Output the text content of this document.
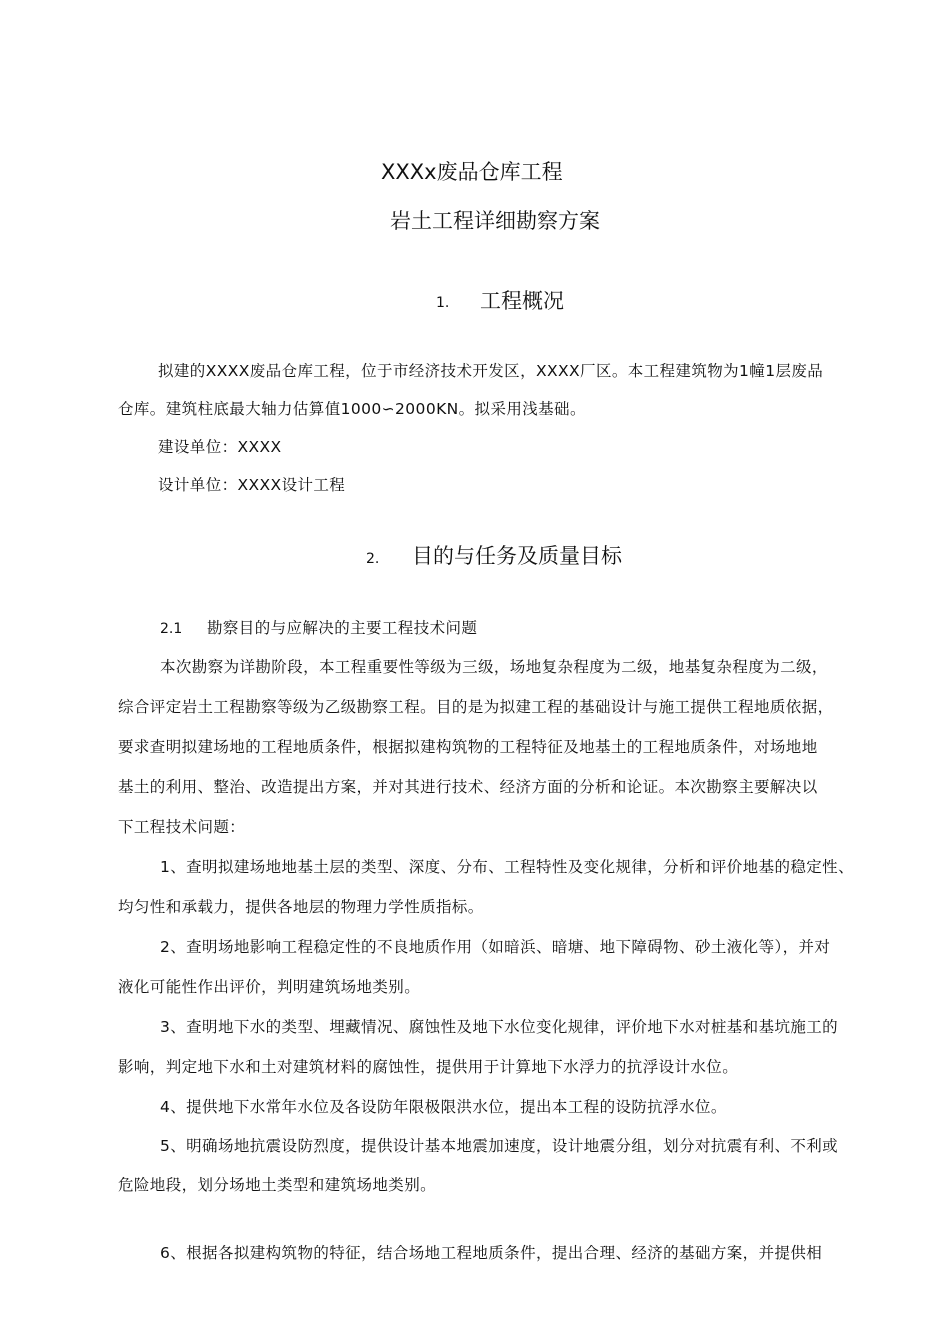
XXXx废品仓库工程
岩土工程详细勘察方案
1. 工程概况
拟建的XXXX废品仓库工程，位于市经济技术开发区，XXXX厂区。本工程建筑物为1幢1层废品
仓库。建筑柱底最大轴力估算值1000∽2000KN。拟采用浅基础。
建设单位：XXXX
设计单位：XXXX设计工程
2. 目的与任务及质量目标
2.1 勘察目的与应解决的主要工程技术问题
本次勘察为详勘阶段，本工程重要性等级为三级，场地复杂程度为二级，地基复杂程度为二级，
综合评定岩土工程勘察等级为乙级勘察工程。目的是为拟建工程的基础设计与施工提供工程地质依据，
要求查明拟建场地的工程地质条件，根据拟建构筑物的工程特征及地基土的工程地质条件，对场地地
基土的利用、整治、改造提出方案，并对其进行技术、经济方面的分析和论证。本次勘察主要解决以
下工程技术问题：
1、查明拟建场地地基土层的类型、深度、分布、工程特性及变化规律，分析和评价地基的稳定性、
均匀性和承载力，提供各地层的物理力学性质指标。
2、查明场地影响工程稳定性的不良地质作用（如暗浜、暗塘、地下障碍物、砂土液化等），并对
液化可能性作出评价，判明建筑场地类别。
3、查明地下水的类型、埋藏情况、腐蚀性及地下水位变化规律，评价地下水对桩基和基坑施工的
影响，判定地下水和土对建筑材料的腐蚀性，提供用于计算地下水浮力的抗浮设计水位。
4、提供地下水常年水位及各设防年限极限洪水位，提出本工程的设防抗浮水位。
5、明确场地抗震设防烈度，提供设计基本地震加速度，设计地震分组，划分对抗震有利、不利或
危险地段，划分场地土类型和建筑场地类别。
6、根据各拟建构筑物的特征，结合场地工程地质条件，提出合理、经济的基础方案，并提供相
